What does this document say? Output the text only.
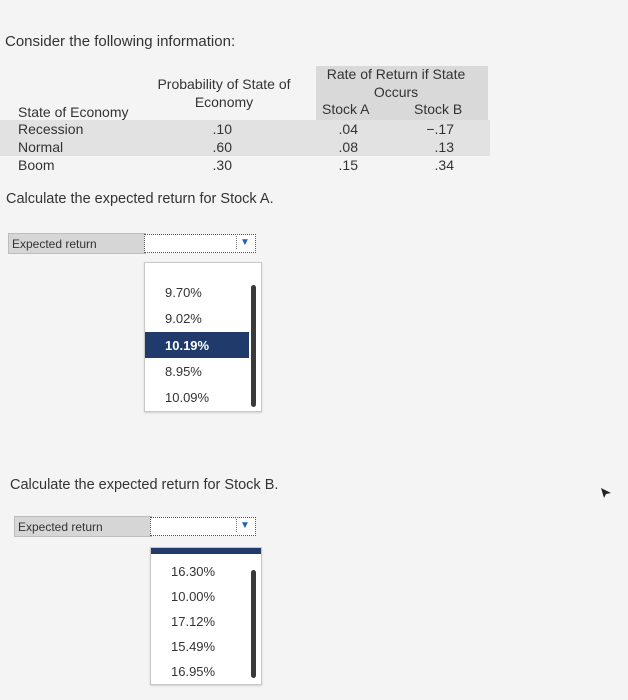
Consider the following information:
Probability of State of
Economy
Rate of Return if State
Occurs
Stock A	Stock B
State of Economy
Recession	.10	.04	−.17
Normal	.60	.08	.13
Boom	.30	.15	.34
Calculate the expected return for Stock A.
Expected return	▼
9.70%
9.02%
10.19%
8.95%
10.09%
Calculate the expected return for Stock B.
Expected return	▼
16.30%
10.00%
17.12%
15.49%
16.95%
